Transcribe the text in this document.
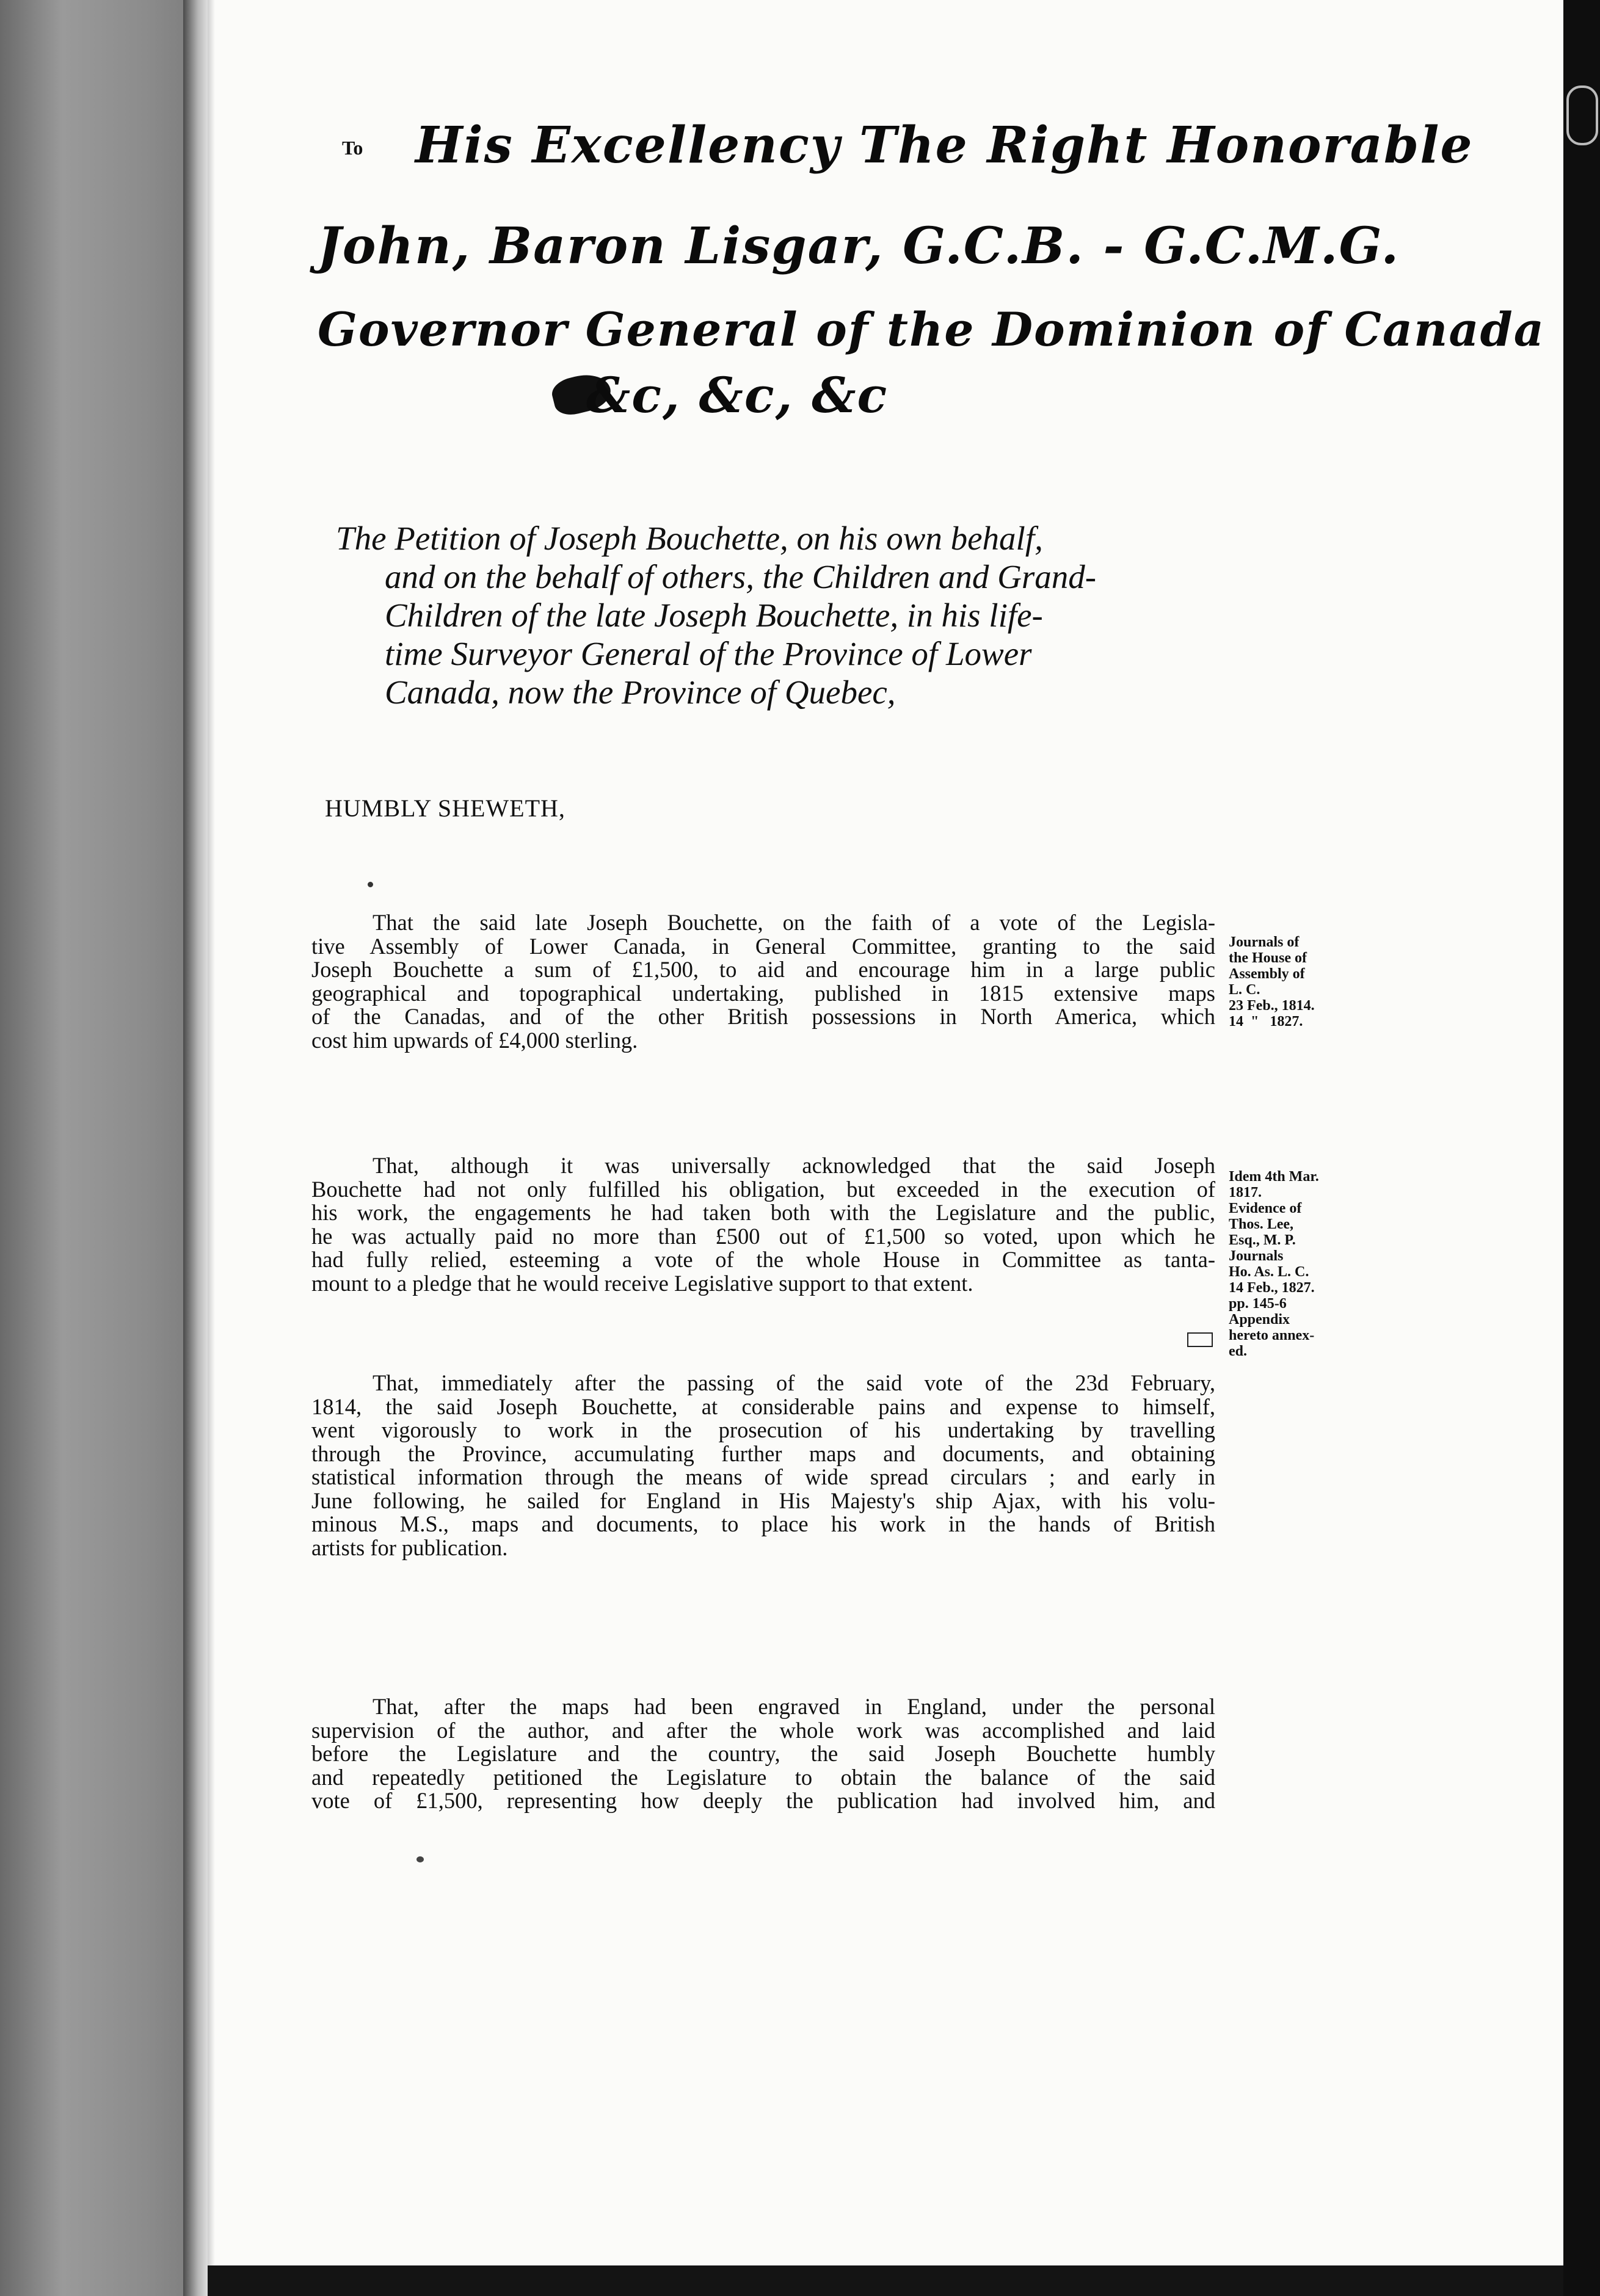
To His Excellency The Right Honorable
John, Baron Lisgar, G.C.B. - G.C.M.G.
Governor General of the Dominion of Canada
&c, &c, &c
The Petition of Joseph Bouchette, on his own behalf,
and on the behalf of others, the Children and Grand-
Children of the late Joseph Bouchette, in his life-
time Surveyor General of the Province of Lower
Canada, now the Province of Quebec,
HUMBLY SHEWETH,

That the said late Joseph Bouchette, on the faith of a vote of the Legisla-
tive Assembly of Lower Canada, in General Committee, granting to the said
Joseph Bouchette a sum of £1,500, to aid and encourage him in a large public
geographical and topographical undertaking, published in 1815 extensive maps
of the Canadas, and of the other British possessions in North America, which
cost him upwards of £4,000 sterling.

Journals of
the House of
Assembly of
L. C.
23 Feb., 1814.
14  "   1827.

That, although it was universally acknowledged that the said Joseph
Bouchette had not only fulfilled his obligation, but exceeded in the execution of
his work, the engagements he had taken both with the Legislature and the public,
he was actually paid no more than £500 out of £1,500 so voted, upon which he
had fully relied, esteeming a vote of the whole House in Committee as tanta-
mount to a pledge that he would receive Legislative support to that extent.

Idem 4th Mar.
1817.
Evidence of
Thos. Lee,
Esq., M. P.
Journals
Ho. As. L. C.
14 Feb., 1827.
pp. 145-6
Appendix
hereto annex-
ed.

That, immediately after the passing of the said vote of the 23d February,
1814, the said Joseph Bouchette, at considerable pains and expense to himself,
went vigorously to work in the prosecution of his undertaking by travelling
through the Province, accumulating further maps and documents, and obtaining
statistical information through the means of wide spread circulars ; and early in
June following, he sailed for England in His Majesty's ship Ajax, with his volu-
minous M.S., maps and documents, to place his work in the hands of British
artists for publication.

That, after the maps had been engraved in England, under the personal
supervision of the author, and after the whole work was accomplished and laid
before the Legislature and the country, the said Joseph Bouchette humbly
and repeatedly petitioned the Legislature to obtain the balance of the said
vote of £1,500, representing how deeply the publication had involved him, and
